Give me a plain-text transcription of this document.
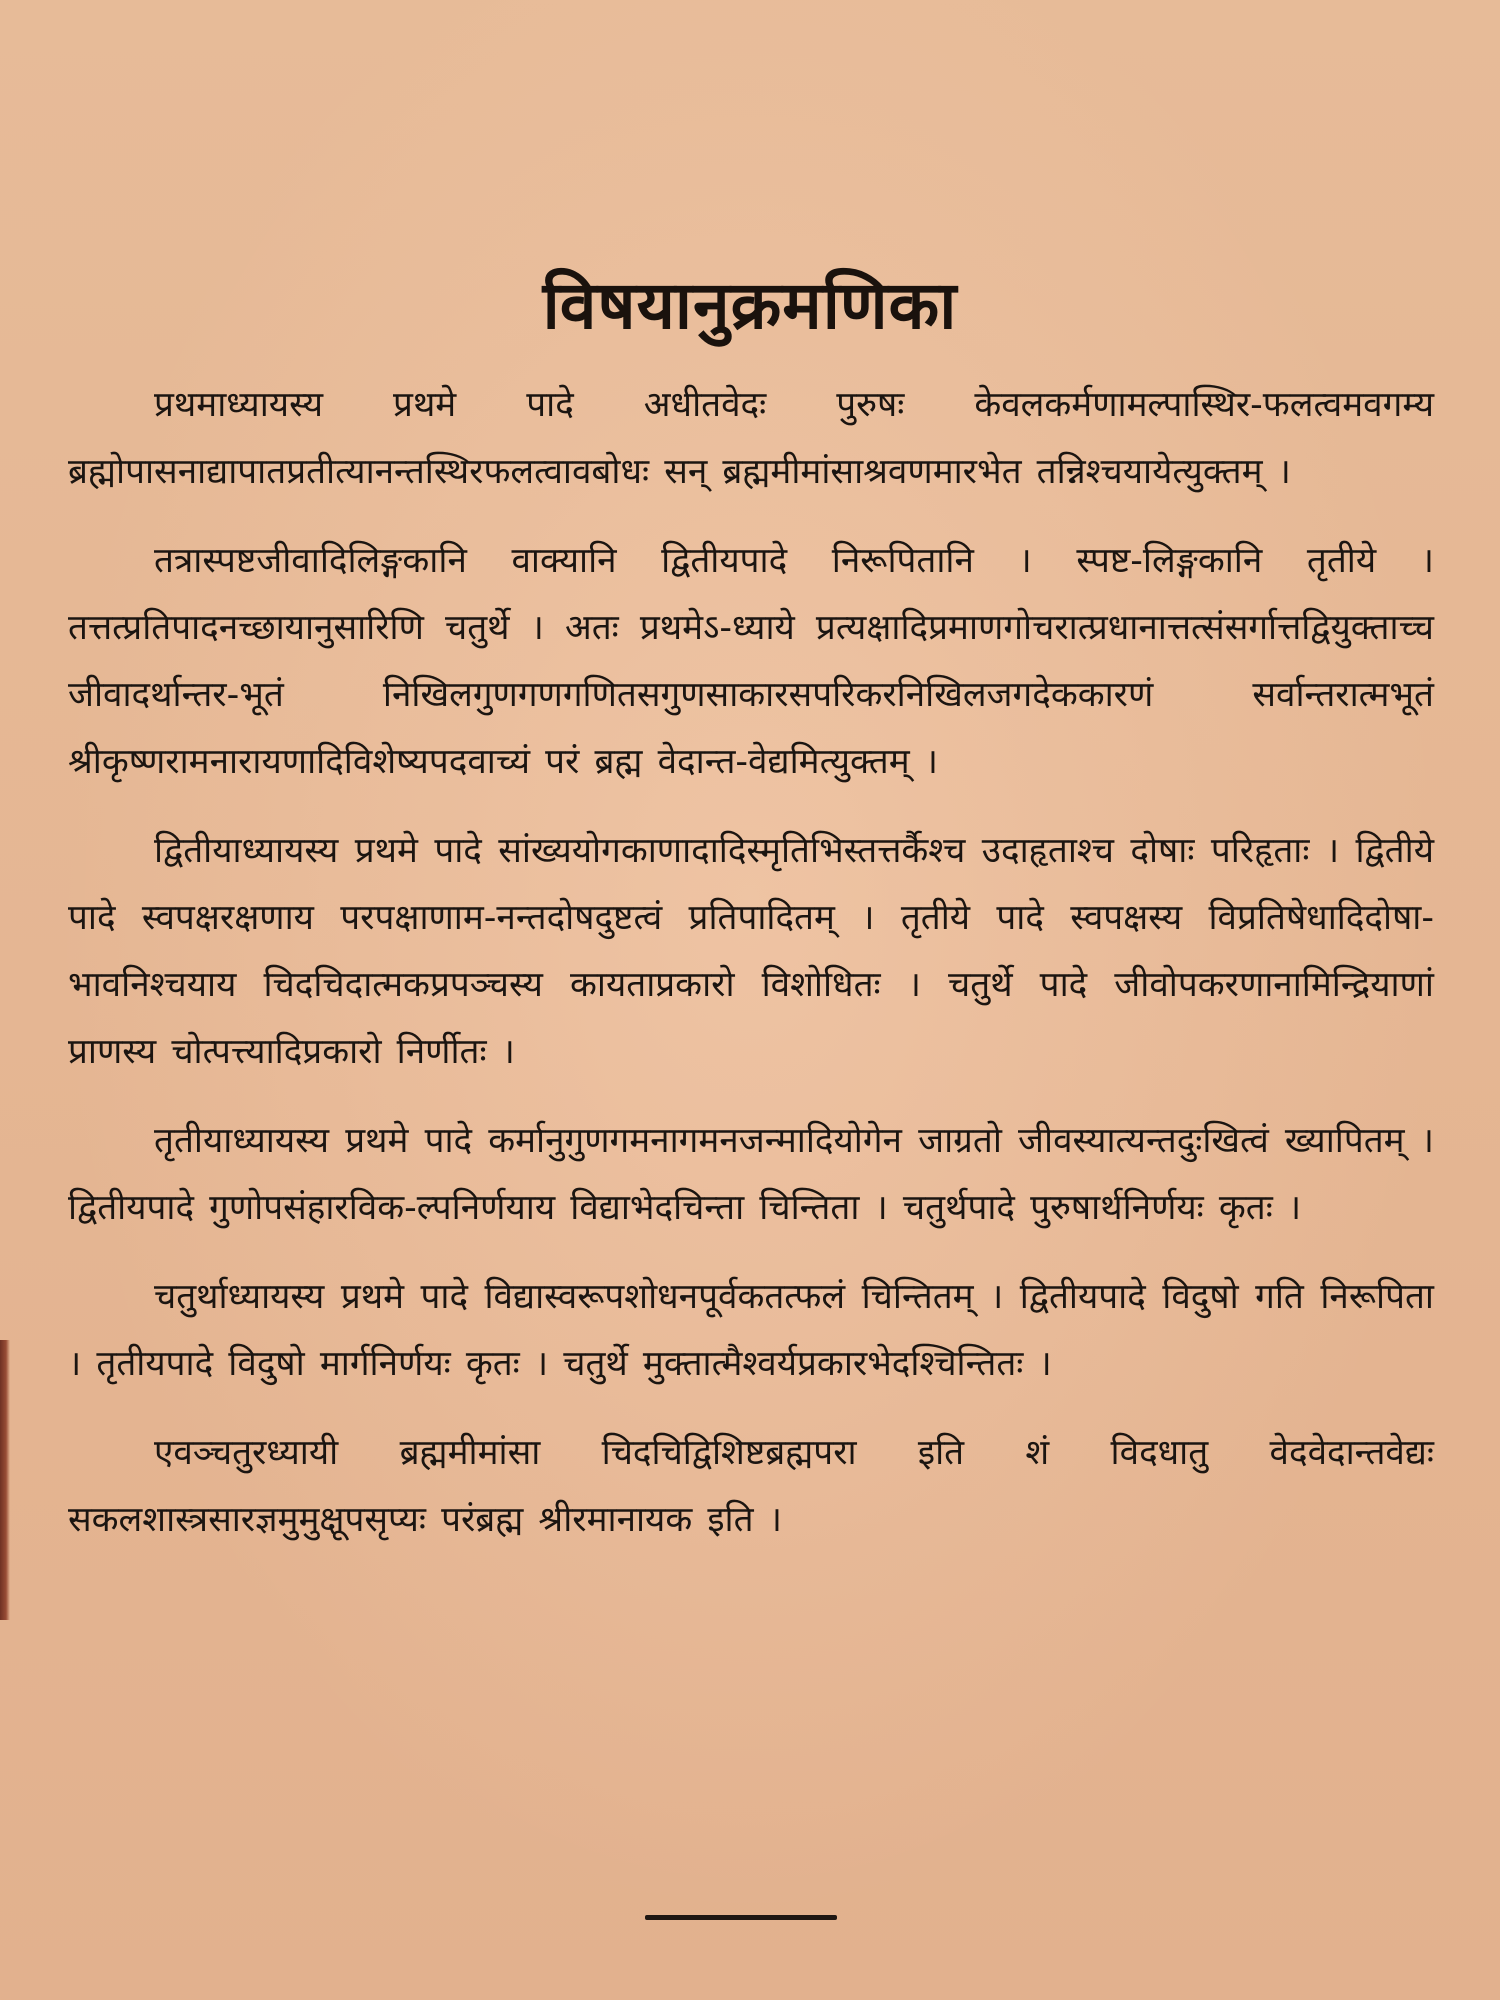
विषयानुक्रमणिका

प्रथमाध्यायस्य प्रथमे पादे अधीतवेदः पुरुषः केवलकर्मणामल्पास्थिर-फलत्वमवगम्य ब्रह्मोपासनाद्यापातप्रतीत्यानन्तस्थिरफलत्वावबोधः सन् ब्रह्ममीमांसाश्रवणमारभेत तन्निश्चयायेत्युक्तम् ।

तत्रास्पष्टजीवादिलिङ्गकानि वाक्यानि द्वितीयपादे निरूपितानि । स्पष्ट-लिङ्गकानि तृतीये । तत्तत्प्रतिपादनच्छायानुसारिणि चतुर्थे । अतः प्रथमेऽ-ध्याये प्रत्यक्षादिप्रमाणगोचरात्प्रधानात्तत्संसर्गात्तद्वियुक्ताच्च जीवादर्थान्तर-भूतं निखिलगुणगणगणितसगुणसाकारसपरिकरनिखिलजगदेककारणं सर्वान्तरात्मभूतं श्रीकृष्णरामनारायणादिविशेष्यपदवाच्यं परं ब्रह्म वेदान्त-वेद्यमित्युक्तम् ।

द्वितीयाध्यायस्य प्रथमे पादे सांख्ययोगकाणादादिस्मृतिभिस्तत्तर्कैश्च उदाहृताश्च दोषाः परिहृताः । द्वितीये पादे स्वपक्षरक्षणाय परपक्षाणाम-नन्तदोषदुष्टत्वं प्रतिपादितम् । तृतीये पादे स्वपक्षस्य विप्रतिषेधादिदोषा-भावनिश्चयाय चिदचिदात्मकप्रपञ्चस्य कायताप्रकारो विशोधितः । चतुर्थे पादे जीवोपकरणानामिन्द्रियाणां प्राणस्य चोत्पत्त्यादिप्रकारो निर्णीतः ।

तृतीयाध्यायस्य प्रथमे पादे कर्मानुगुणगमनागमनजन्मादियोगेन जाग्रतो जीवस्यात्यन्तदुःखित्वं ख्यापितम् । द्वितीयपादे गुणोपसंहारविक-ल्पनिर्णयाय विद्याभेदचिन्ता चिन्तिता । चतुर्थपादे पुरुषार्थनिर्णयः कृतः ।

चतुर्थाध्यायस्य प्रथमे पादे विद्यास्वरूपशोधनपूर्वकतत्फलं चिन्तितम् । द्वितीयपादे विदुषो गति निरूपिता । तृतीयपादे विदुषो मार्गनिर्णयः कृतः । चतुर्थे मुक्तात्मैश्वर्यप्रकारभेदश्चिन्तितः ।

एवञ्चतुरध्यायी ब्रह्ममीमांसा चिदचिद्विशिष्टब्रह्मपरा इति शं विदधातु वेदवेदान्तवेद्यः सकलशास्त्रसारज्ञमुमुक्षूपसृप्यः परंब्रह्म श्रीरमानायक इति ।
